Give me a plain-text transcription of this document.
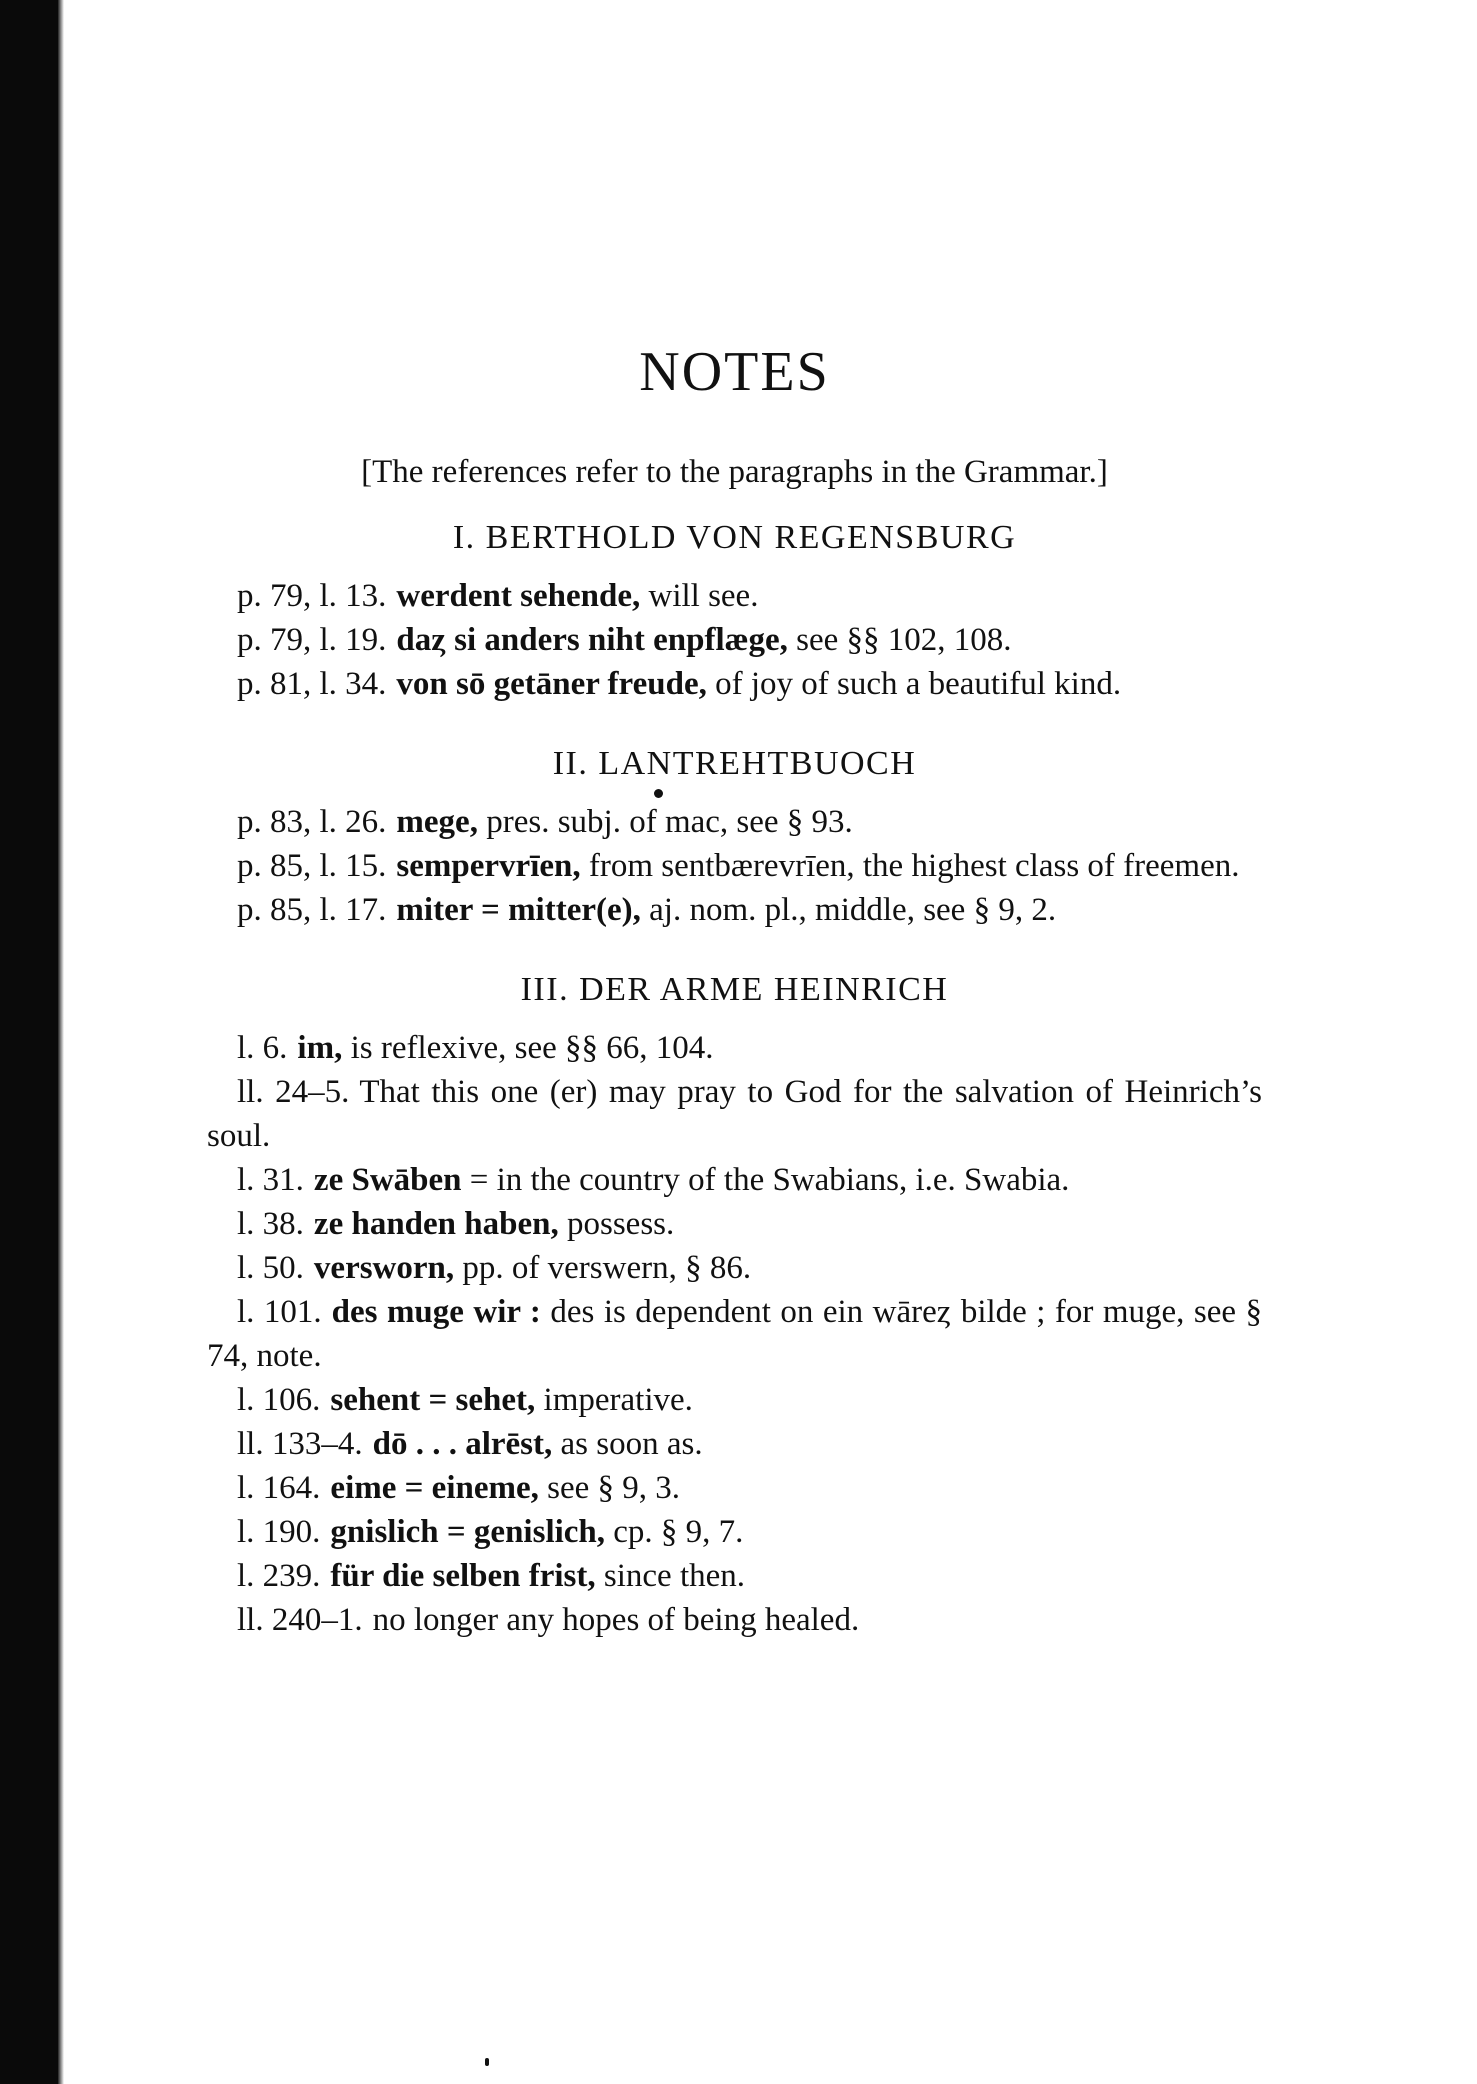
NOTES

[The references refer to the paragraphs in the Grammar.]

I. BERTHOLD VON REGENSBURG

p. 79, l. 13. werdent sehende, will see.

p. 79, l. 19. daȥ si anders niht enpflæge, see §§ 102, 108.

p. 81, l. 34. von sō getāner freude, of joy of such a beautiful kind.

II. LANTREHTBUOCH

p. 83, l. 26. mege, pres. subj. of mac, see § 93.

p. 85, l. 15. sempervrīen, from sentbærevrīen, the highest class of freemen.

p. 85, l. 17. miter = mitter(e), aj. nom. pl., middle, see § 9, 2.

III. DER ARME HEINRICH

l. 6. im, is reflexive, see §§ 66, 104.

ll. 24–5. That this one (er) may pray to God for the salvation of Heinrich’s soul.

l. 31. ze Swāben = in the country of the Swabians, i.e. Swabia.

l. 38. ze handen haben, possess.

l. 50. versworn, pp. of verswern, § 86.

l. 101. des muge wir : des is dependent on ein wāreȥ bilde ; for muge, see § 74, note.

l. 106. sehent = sehet, imperative.

ll. 133–4. dō . . . alrēst, as soon as.

l. 164. eime = eineme, see § 9, 3.

l. 190. gnislich = genislich, cp. § 9, 7.

l. 239. für die selben frist, since then.

ll. 240–1. no longer any hopes of being healed.
